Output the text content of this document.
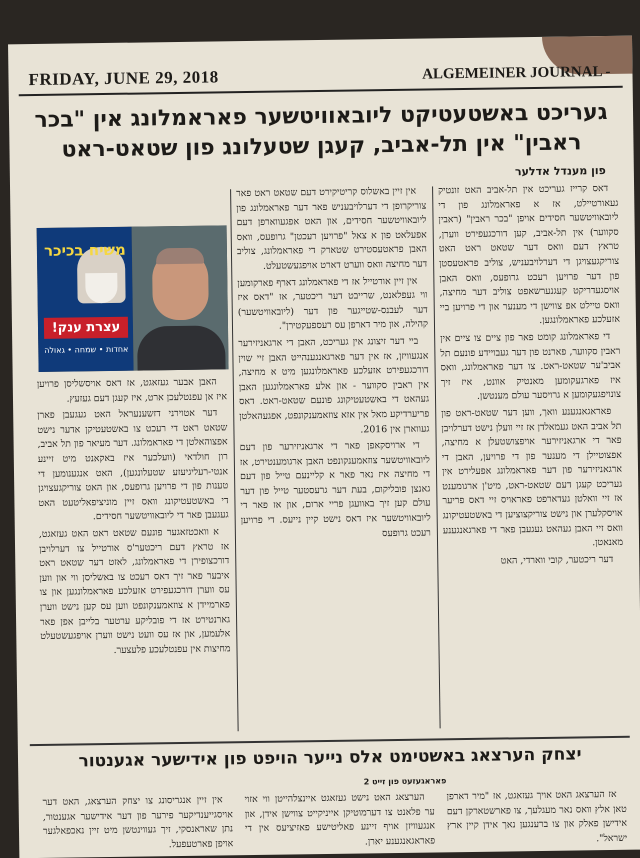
FRIDAY, JUNE 29, 2018	ALGEMEINER JOURNAL -
געריכט באשטעטיקט ליובאוויטשער פאראמלונג אין "בכר ראבין" אין תל-אביב, קעגן שטעלונג פון שטאט-ראט
פון מענדל אדלער
משיח בכיכר
עצרת ענק!
אחדות • שמחה • גאולה

דאס קרייז געריכט אין תל-אביב האט זונטיק געאורטיילט, אז א פאראמלונג פון די ליובאוויטשער חסידים אויפן "בכר ראבין" (ראבין סקווער) אין תל-אביב, קען דורכגעפירט ווערן, טראץ דעם וואס דער שטאט ראט האט צוריקגעצויגן די דערלויבעניש, צוליב פראטעסטן פון דער פרויען רעכט גרופעס, וואס האבן אויסגעדריקט קעגנערשאפט צוליב דער מחיצה, וואס טיילט אפ צווישן די מענער און די פרויען ביי אזעלכע פאראמלונגען.

די פאראמלונג קומט פאר פון ציים צו ציים אין ראבין סקווער, פארנט פון דער געבויידע פונעם תל אביב'ער שטאט-ראט. צו דער פאראמלונג, וואס איז פארגעקומען מאנטיק אוונט, איז זיך צונויפגעקומען א גרויסער עולם מענטשן.

פאראגאנגענע וואך, ווען דער שטאט-ראט פון תל אביב האט געמאלדן אז זיי וועלן נישט דערלויבן פאר די ארגאניזירער אויפצושטעלן א מחיצה, אפצוטיילן די מענער פון די פרויען, האבן די ארגאניזירער פון דער פאראמלונג אפעלירט אין געריכט קעגן דעם שטאט-ראט, מיט'ן ארגומענט אז זיי וואלטן געדארפט פאראויס זיי דאס פריער אויסקלערן און נישט צוריקצוציען די באשטעטיקונג וואס זיי האבן געהאט געגעבן פאר די פארגאנגענע מאנאטן.

דער ריכטער, קובי ווארדי, האט

אין זיין באשלוס קריטיקירט דעם שטאט ראט פאר צוריקרופן די דערלויבעניש פאר דער פאראמלונג פון ליובאוויטשער חסידים, און האט אפגעווארפן דעם אפעלאט פון א צאל "פרויען רעכטן" גרופעס, וואס האבן פראטעסטירט שטארק די פאראמלונג, צוליב דער מחיצה וואס ווערט דארט אויפגעשטעלט.

אין זיין אורטייל אז די פאראמלונג דארף פארקומען ווי געפלאנט, שרייבט דער ריכטער, אז "דאס איז דער לעבנס-שטייגער פון דער (ליובאוויטשער) קהילה, און מיר דארפן עס רעספעקטירן".

ביי דער זיצונג אין געריכט, האבן די ארגאניזירער אנגעוויזן, אז אין דער פארגאנגענהייט האבן זיי שוין דורכגעפירט אזעלכע פאראמלונגען מיט א מחיצה, אין ראבין סקווער - און אלע פאראמלונגען האבן געהאט די באשטעטיקונג פונעם שטאט-ראט. דאס פריערדיקע מאל אין אזא צוזאמענקונפט, אפגעהאלטן געווארן אין 2016.

די ארויסקאפן פאר די ארגאניזירער פון דעם ליובאוויטשער צוזאמענקונפט האבן ארגומענטירט, אז די מחיצה איז נאר פאר א קליינעם טייל פון דעם גאנצן פובליקום, בעת דער גרעסטער טייל פון דער עולם קען זיך באוועגן פריי ארום, און אז פאר די ליובאוויטשער איז דאס נישט קיין נייעס. די פרויען רעכט גרופעס

האבן אבער געזאגט, אז דאס אויסשליסן פרויען איז אן עפנטלעכן ארט, איז קעגן דעם געזעץ.

דער אטוירני דזשענעראל האט געגעבן פארן שטאט ראט די רעכט צו באשטעטיקן אדער נישט אפצוהאלטן די פאראמלונג. דער מעיאר פון תל אביב, רון חולדאי (וועלכער איז באקאנט מיט זיינע אנטי-רעליגיעזע שטעלונגען), האט אנגענומען די טענות פון די פרויען גרופעס, און האט צוריקגעצויגן די באשטעטיקונג וואס זיין מוניציפאליטעט האט געגעבן פאר די ליובאוויטשער חסידים.

א וואכטזאגער פונעם שטאט ראט האט געזאגט, אז טראץ דעם ריכטער'ס אורטייל צו דערלויבן דורכצופירן די פאראמלונג, לאזט דער שטאט ראט איבער פאר זיך דאס רעכט צו באשליסן ווי און ווען עס ווערן דורכגעפירט אזעלכע פאראמלונגען און צו פארמיידן א צוזאמענקונפט ווען עס קען נישט ווערן גארנטירט אז די פובליקע ערטער בלייבן אפן פאר אלעמען, און אז עס וועט נישט ווערן אויפגעשטעלט מחיצות אין עפנטלעכע פלעצער.

יצחק הערצאג באשטימט אלס נייער הויפט פון אידישער אגענטור
פאראגעזעט פון זייט 2

אז הערצאג האט אויך געזאגט, אז "מיר דארפן טאן אלץ וואס נאר מעגלעך, צו פארשטארקן דעם אידישן פאלק און צו ברענגען נאך אידן קיין ארץ ישראל".

הערצאג האט נישט געזאגט איינצלהייטן ווי אזוי ער פלאנט צו דערמוטיקן אייניקייט צווישן אידן, און אנגעוויזן אויף זיינע פאליטישע פאזיציעס אין די פאראגאנגענע יארן.

אין זיין אנגריסונג צו יצחק הערצאג, האט דער אויסגייענדיקער פירער פון דער אידישער אגענטור, נתן שאראנסקי, זיך געווינטשן מיט זיין נאכפאלגער אויפן פארטעפעל.
